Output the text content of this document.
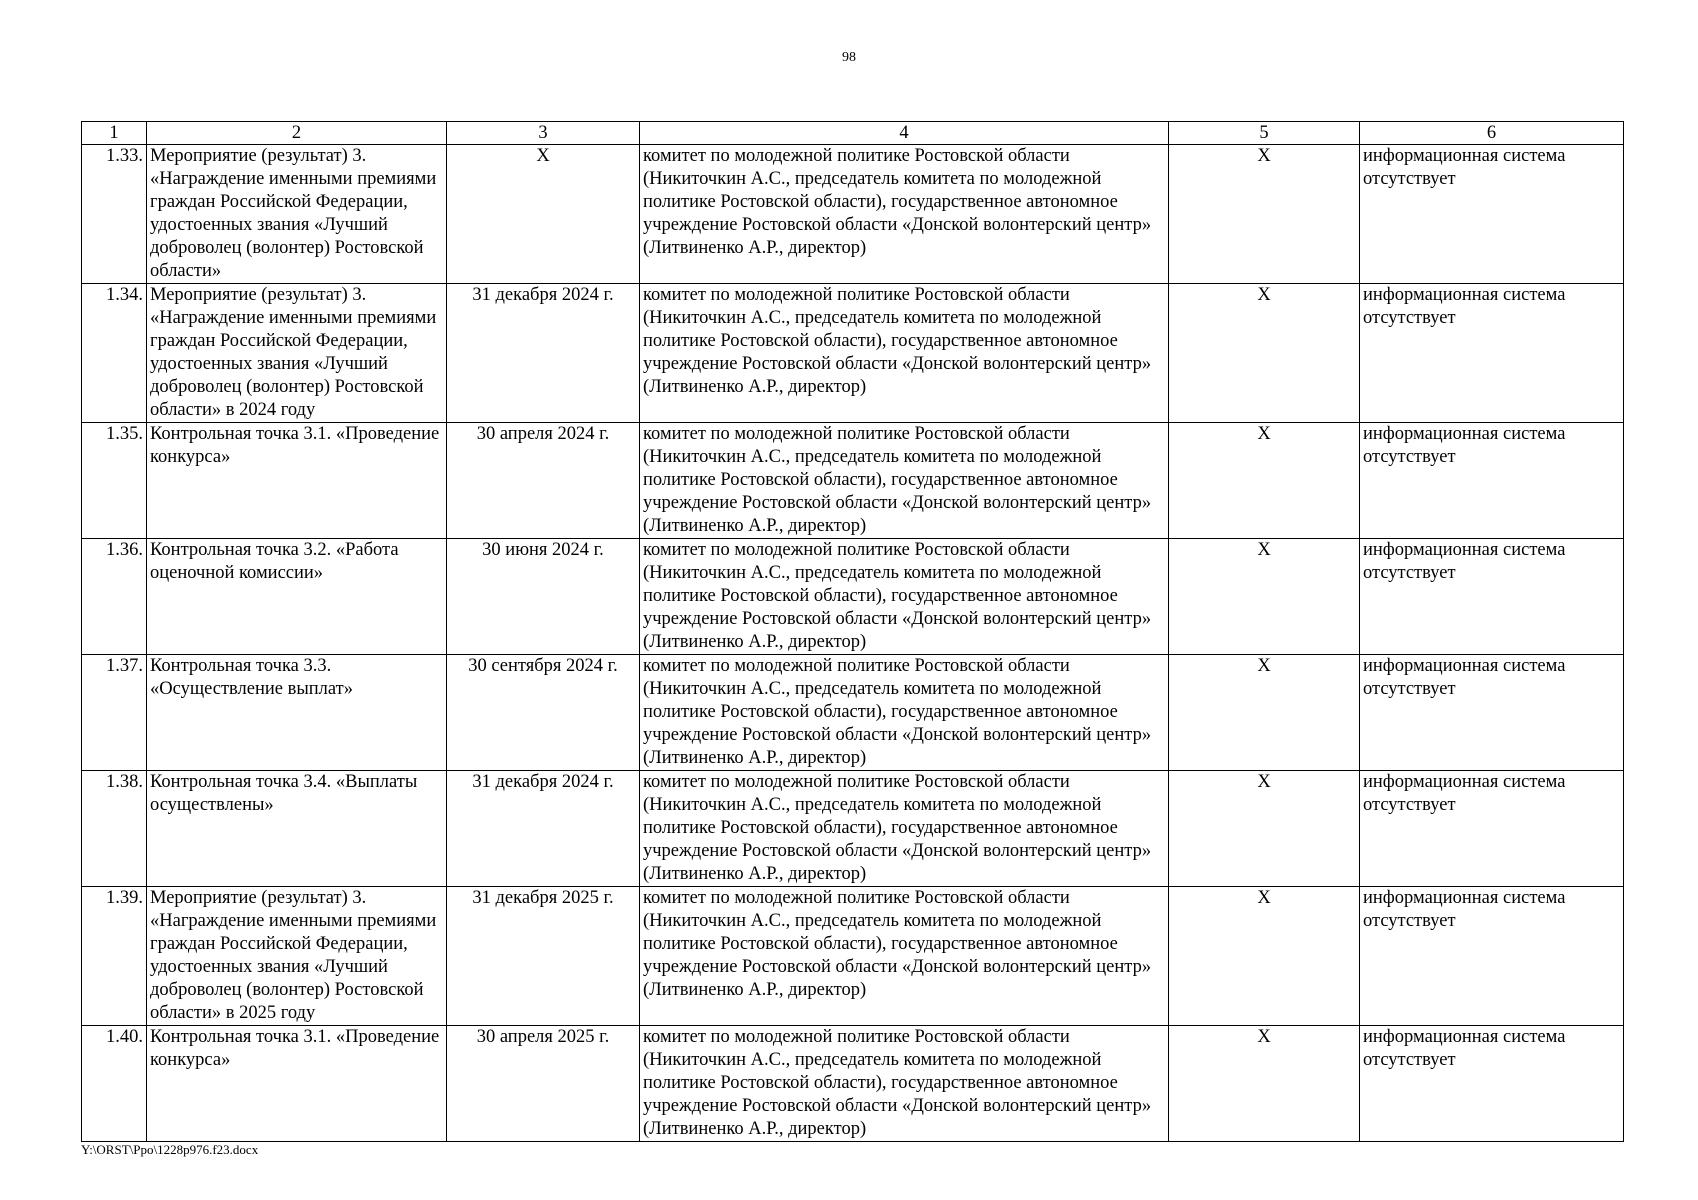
98
1	2	3	4	5	6
1.33.	Мероприятие (результат) 3. «Награждение именными премиями граждан Российской Федерации, удостоенных звания «Лучший доброволец (волонтер) Ростовской области»	X	комитет по молодежной политике Ростовской области (Никиточкин А.С., председатель комитета по молодежной политике Ростовской области), государственное автономное учреждение Ростовской области «Донской волонтерский центр» (Литвиненко А.Р., директор)	X	информационная система отсутствует
1.34.	Мероприятие (результат) 3. «Награждение именными премиями граждан Российской Федерации, удостоенных звания «Лучший доброволец (волонтер) Ростовской области» в 2024 году	31 декабря 2024 г.	комитет по молодежной политике Ростовской области (Никиточкин А.С., председатель комитета по молодежной политике Ростовской области), государственное автономное учреждение Ростовской области «Донской волонтерский центр» (Литвиненко А.Р., директор)	X	информационная система отсутствует
1.35.	Контрольная точка 3.1. «Проведение конкурса»	30 апреля 2024 г.	комитет по молодежной политике Ростовской области (Никиточкин А.С., председатель комитета по молодежной политике Ростовской области), государственное автономное учреждение Ростовской области «Донской волонтерский центр» (Литвиненко А.Р., директор)	X	информационная система отсутствует
1.36.	Контрольная точка 3.2. «Работа оценочной комиссии»	30 июня 2024 г.	комитет по молодежной политике Ростовской области (Никиточкин А.С., председатель комитета по молодежной политике Ростовской области), государственное автономное учреждение Ростовской области «Донской волонтерский центр» (Литвиненко А.Р., директор)	X	информационная система отсутствует
1.37.	Контрольная точка 3.3. «Осуществление выплат»	30 сентября 2024 г.	комитет по молодежной политике Ростовской области (Никиточкин А.С., председатель комитета по молодежной политике Ростовской области), государственное автономное учреждение Ростовской области «Донской волонтерский центр» (Литвиненко А.Р., директор)	X	информационная система отсутствует
1.38.	Контрольная точка 3.4. «Выплаты осуществлены»	31 декабря 2024 г.	комитет по молодежной политике Ростовской области (Никиточкин А.С., председатель комитета по молодежной политике Ростовской области), государственное автономное учреждение Ростовской области «Донской волонтерский центр» (Литвиненко А.Р., директор)	X	информационная система отсутствует
1.39.	Мероприятие (результат) 3. «Награждение именными премиями граждан Российской Федерации, удостоенных звания «Лучший доброволец (волонтер) Ростовской области» в 2025 году	31 декабря 2025 г.	комитет по молодежной политике Ростовской области (Никиточкин А.С., председатель комитета по молодежной политике Ростовской области), государственное автономное учреждение Ростовской области «Донской волонтерский центр» (Литвиненко А.Р., директор)	X	информационная система отсутствует
1.40.	Контрольная точка 3.1. «Проведение конкурса»	30 апреля 2025 г.	комитет по молодежной политике Ростовской области (Никиточкин А.С., председатель комитета по молодежной политике Ростовской области), государственное автономное учреждение Ростовской области «Донской волонтерский центр» (Литвиненко А.Р., директор)	X	информационная система отсутствует
Y:\ORST\Ppo\1228p976.f23.docx
